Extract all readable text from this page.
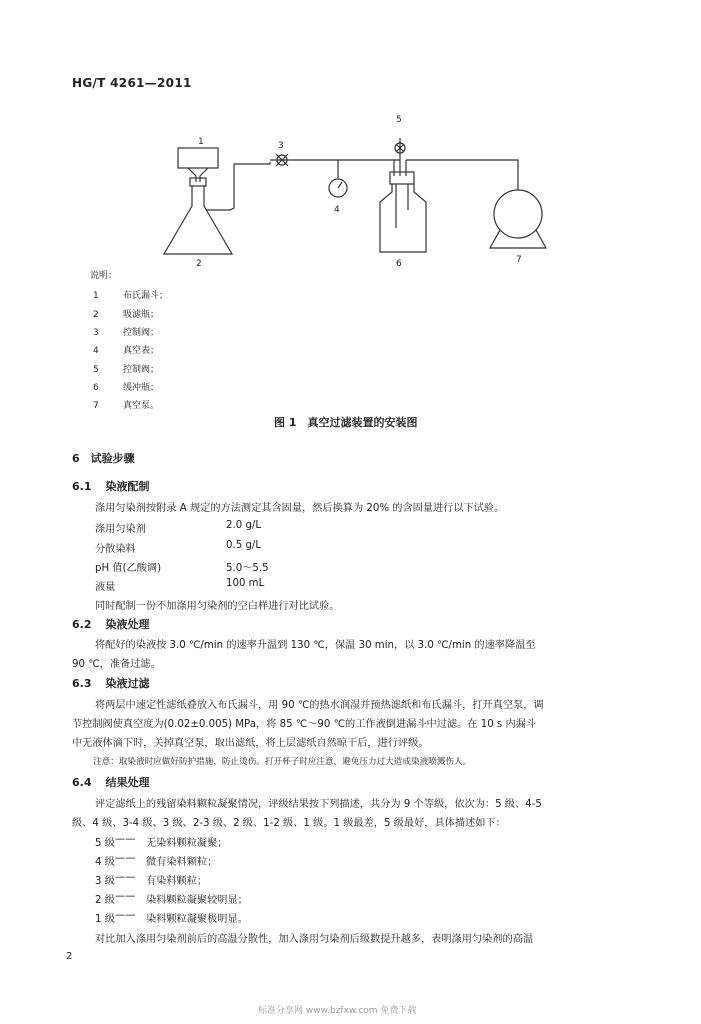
HG/T 4261—2011
1
2
3
4
5
6	7
说明：
1	布氏漏斗；
2	吸滤瓶；
3	控制阀；
4	真空表；
5	控制阀；
6	缓冲瓶；
7	真空泵。
图 1　真空过滤装置的安装图
6　试验步骤
6.1 染液配制
涤用匀染剂按附录 A 规定的方法测定其含固量，然后换算为 20% 的含固量进行以下试验。
涤用匀染剂	2.0 g/L
分散染料	0.5 g/L
pH 值(乙酸调)	5.0～5.5
液量	100 mL
同时配制一份不加涤用匀染剂的空白样进行对比试验。
6.2 染液处理
将配好的染液按 3.0 ℃/min 的速率升温到 130 ℃，保温 30 min，以 3.0 ℃/min 的速率降温至
90 ℃，准备过滤。
6.3 染液过滤
将两层中速定性滤纸叠放入布氏漏斗，用 90 ℃的热水润湿并预热滤纸和布氏漏斗，打开真空泵，调
节控制阀使真空度为(0.02±0.005) MPa，将 85 ℃～90 ℃的工作液倒进漏斗中过滤。在 10 s 内漏斗
中无液体滴下时，关掉真空泵，取出滤纸，将上层滤纸自然晾干后，进行评级。
注意：取染液时应做好防护措施，防止烫伤。打开杯子时应注意，避免压力过大造成染液喷溅伤人。
6.4 结果处理
评定滤纸上的残留染料颗粒凝聚情况，评级结果按下列描述，共分为 9 个等级，依次为：5 级、4-5
级、4 级、3-4 级、3 级、2-3 级、2 级、1-2 级、1 级。1 级最差，5 级最好，具体描述如下：
5 级 —— 无染料颗粒凝聚；
4 级 —— 微有染料颗粒；
3 级 —— 有染料颗粒；
2 级 —— 染料颗粒凝聚较明显；
1 级 —— 染料颗粒凝聚极明显。
对比加入涤用匀染剂前后的高温分散性，加入涤用匀染剂后级数提升越多，表明涤用匀染剂的高温
2
标准分享网 www.bzfxw.com 免费下载
